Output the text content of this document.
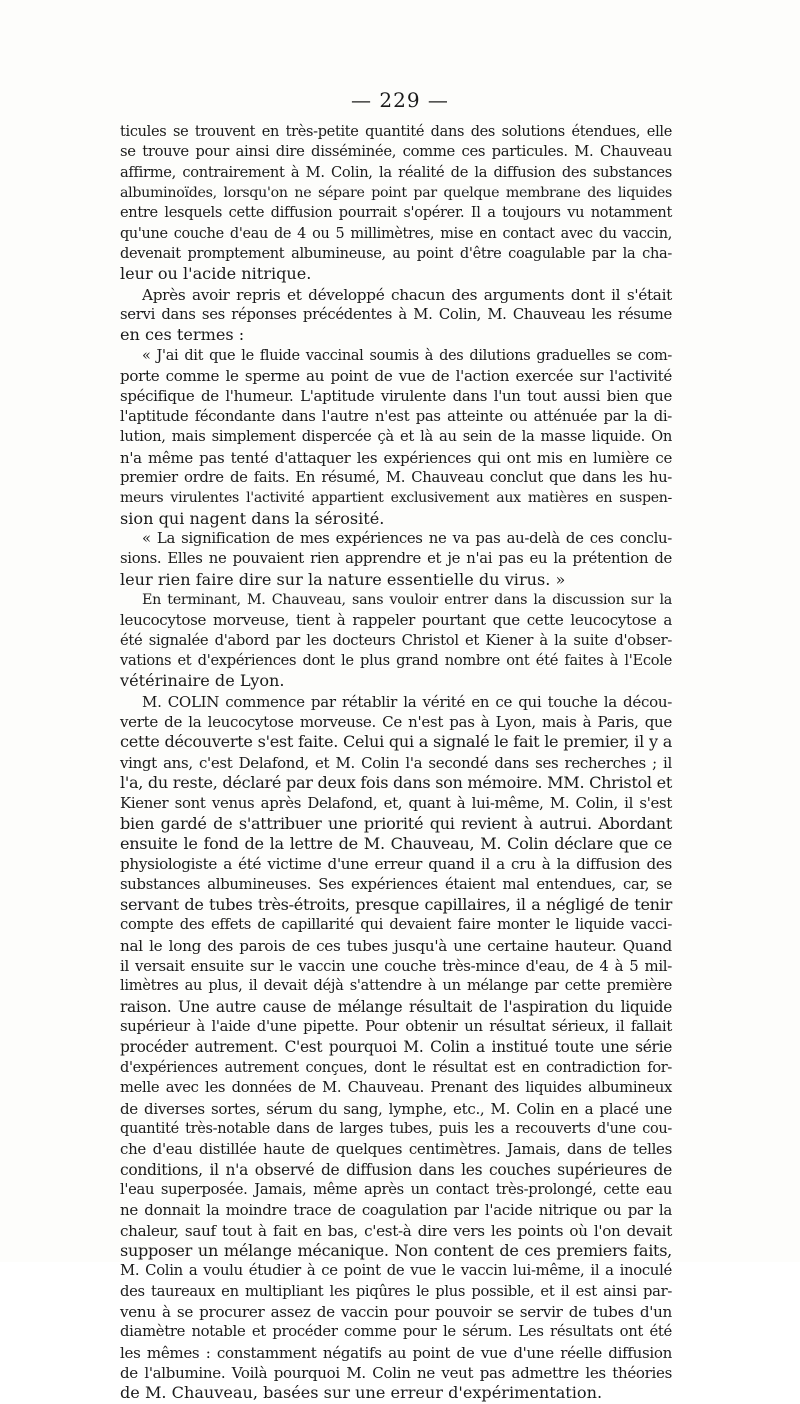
— 229 —
ticules se trouvent en très-petite quantité dans des solutions étendues, elle
se trouve pour ainsi dire disséminée, comme ces particules. M. Chauveau
affirme, contrairement à M. Colin, la réalité de la diffusion des substances
albuminoïdes, lorsqu'on ne sépare point par quelque membrane des liquides
entre lesquels cette diffusion pourrait s'opérer. Il a toujours vu notamment
qu'une couche d'eau de 4 ou 5 millimètres, mise en contact avec du vaccin,
devenait promptement albumineuse, au point d'être coagulable par la cha-
leur ou l'acide nitrique.
Après avoir repris et développé chacun des arguments dont il s'était
servi dans ses réponses précédentes à M. Colin, M. Chauveau les résume
en ces termes :
« J'ai dit que le fluide vaccinal soumis à des dilutions graduelles se com-
porte comme le sperme au point de vue de l'action exercée sur l'activité
spécifique de l'humeur. L'aptitude virulente dans l'un tout aussi bien que
l'aptitude fécondante dans l'autre n'est pas atteinte ou atténuée par la di-
lution, mais simplement dispercée çà et là au sein de la masse liquide. On
n'a même pas tenté d'attaquer les expériences qui ont mis en lumière ce
premier ordre de faits. En résumé, M. Chauveau conclut que dans les hu-
meurs virulentes l'activité appartient exclusivement aux matières en suspen-
sion qui nagent dans la sérosité.
« La signification de mes expériences ne va pas au-delà de ces conclu-
sions. Elles ne pouvaient rien apprendre et je n'ai pas eu la prétention de
leur rien faire dire sur la nature essentielle du virus. »
En terminant, M. Chauveau, sans vouloir entrer dans la discussion sur la
leucocytose morveuse, tient à rappeler pourtant que cette leucocytose a
été signalée d'abord par les docteurs Christol et Kiener à la suite d'obser-
vations et d'expériences dont le plus grand nombre ont été faites à l'Ecole
vétérinaire de Lyon.
M. COLIN commence par rétablir la vérité en ce qui touche la décou-
verte de la leucocytose morveuse. Ce n'est pas à Lyon, mais à Paris, que
cette découverte s'est faite. Celui qui a signalé le fait le premier, il y a
vingt ans, c'est Delafond, et M. Colin l'a secondé dans ses recherches ; il
l'a, du reste, déclaré par deux fois dans son mémoire. MM. Christol et
Kiener sont venus après Delafond, et, quant à lui-même, M. Colin, il s'est
bien gardé de s'attribuer une priorité qui revient à autrui. Abordant
ensuite le fond de la lettre de M. Chauveau, M. Colin déclare que ce
physiologiste a été victime d'une erreur quand il a cru à la diffusion des
substances albumineuses. Ses expériences étaient mal entendues, car, se
servant de tubes très-étroits, presque capillaires, il a négligé de tenir
compte des effets de capillarité qui devaient faire monter le liquide vacci-
nal le long des parois de ces tubes jusqu'à une certaine hauteur. Quand
il versait ensuite sur le vaccin une couche très-mince d'eau, de 4 à 5 mil-
limètres au plus, il devait déjà s'attendre à un mélange par cette première
raison. Une autre cause de mélange résultait de l'aspiration du liquide
supérieur à l'aide d'une pipette. Pour obtenir un résultat sérieux, il fallait
procéder autrement. C'est pourquoi M. Colin a institué toute une série
d'expériences autrement conçues, dont le résultat est en contradiction for-
melle avec les données de M. Chauveau. Prenant des liquides albumineux
de diverses sortes, sérum du sang, lymphe, etc., M. Colin en a placé une
quantité très-notable dans de larges tubes, puis les a recouverts d'une cou-
che d'eau distillée haute de quelques centimètres. Jamais, dans de telles
conditions, il n'a observé de diffusion dans les couches supérieures de
l'eau superposée. Jamais, même après un contact très-prolongé, cette eau
ne donnait la moindre trace de coagulation par l'acide nitrique ou par la
chaleur, sauf tout à fait en bas, c'est-à dire vers les points où l'on devait
supposer un mélange mécanique. Non content de ces premiers faits,
M. Colin a voulu étudier à ce point de vue le vaccin lui-même, il a inoculé
des taureaux en multipliant les piqûres le plus possible, et il est ainsi par-
venu à se procurer assez de vaccin pour pouvoir se servir de tubes d'un
diamètre notable et procéder comme pour le sérum. Les résultats ont été
les mêmes : constamment négatifs au point de vue d'une réelle diffusion
de l'albumine. Voilà pourquoi M. Colin ne veut pas admettre les théories
de M. Chauveau, basées sur une erreur d'expérimentation.
